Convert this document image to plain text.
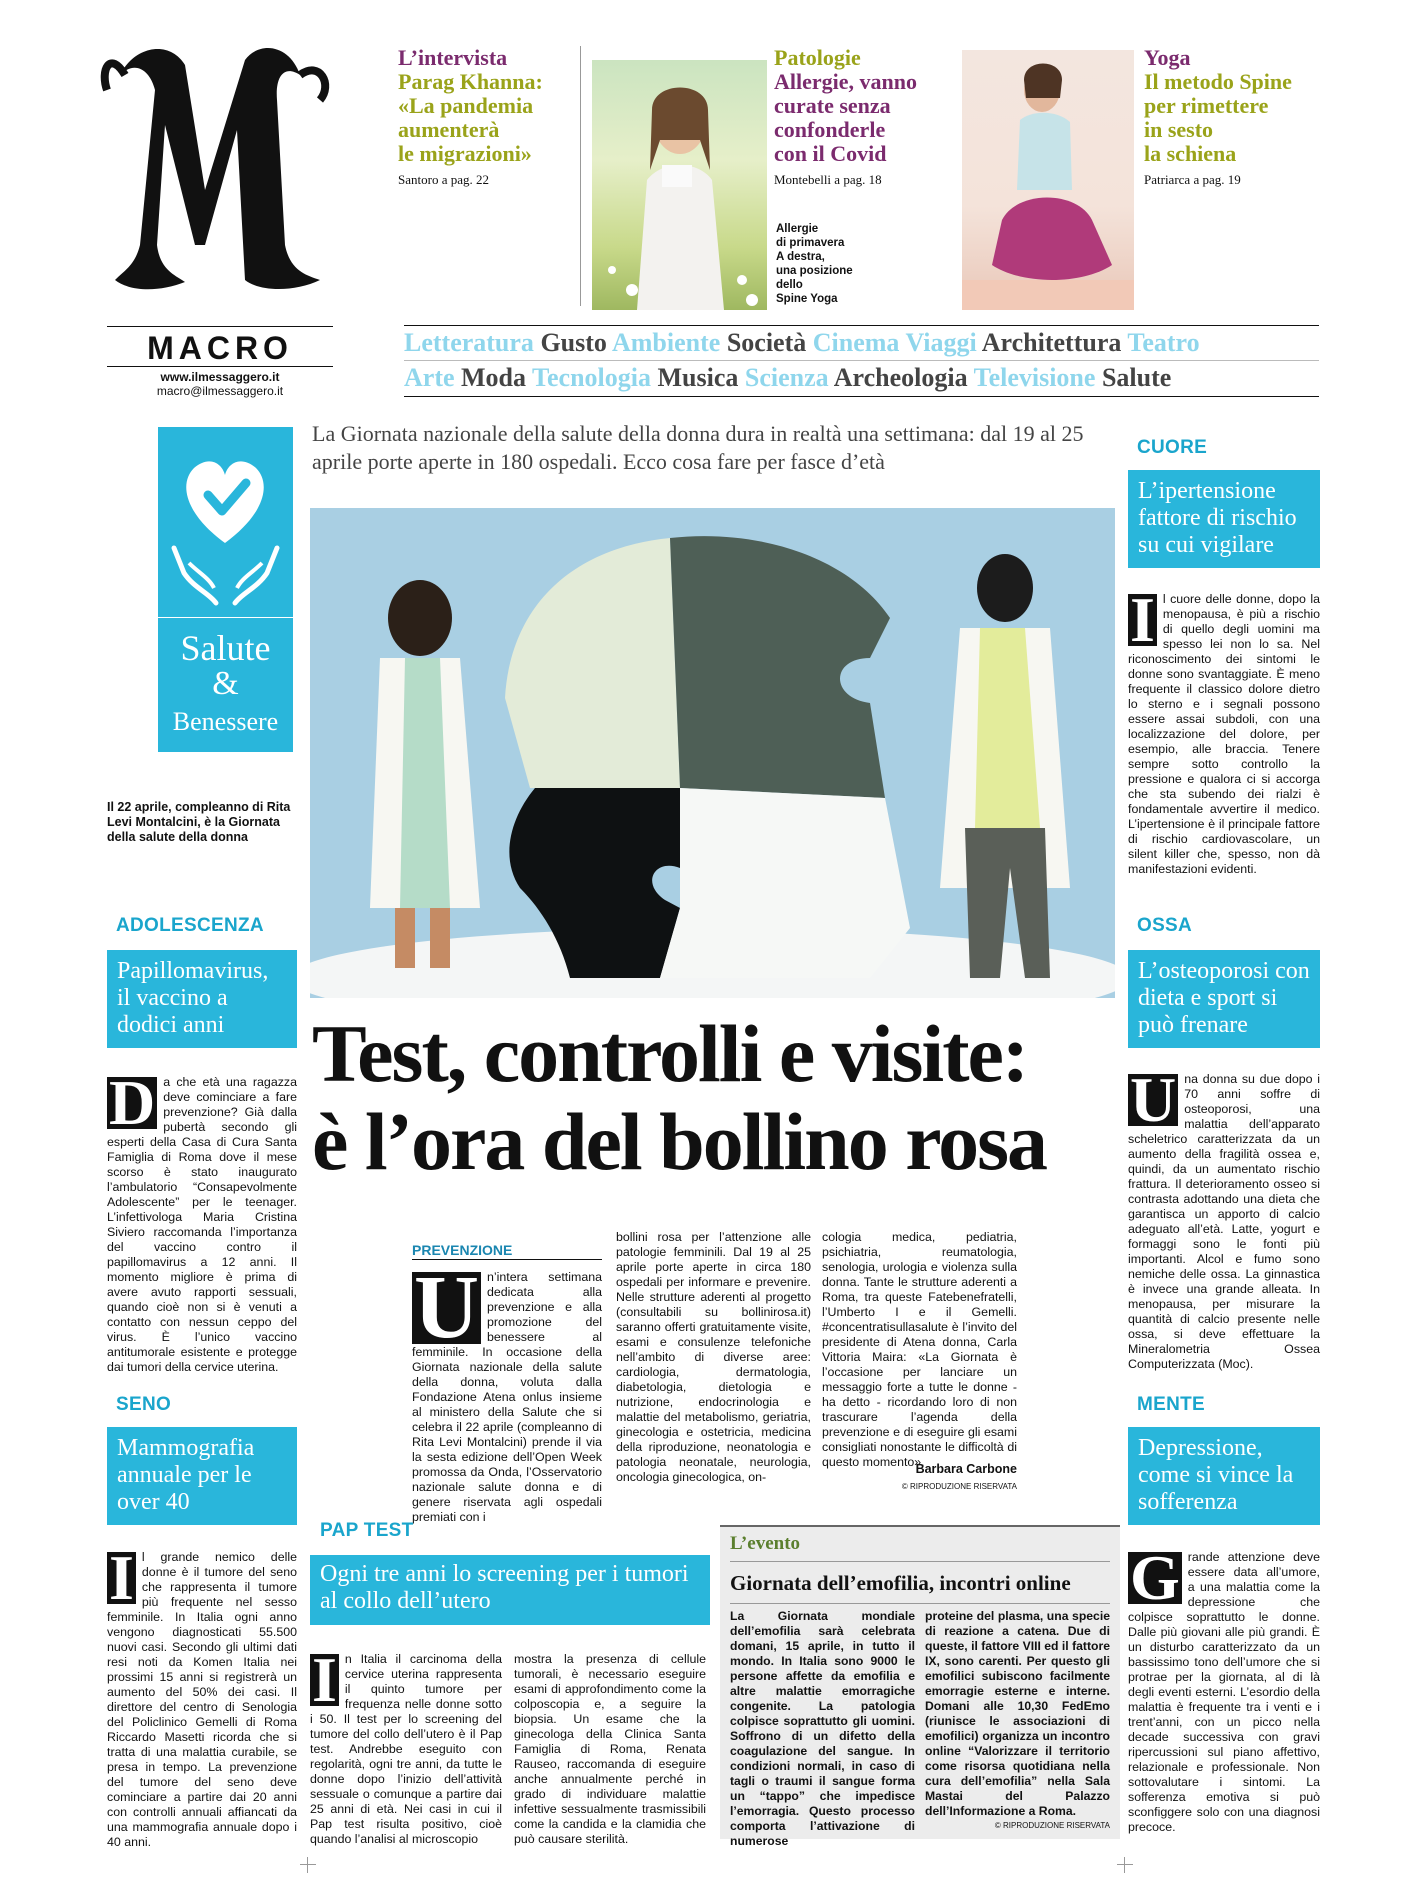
MACRO
www.ilmessaggero.it
macro@ilmessaggero.it
L’intervista
Parag Khanna:
«La pandemia
aumenterà
le migrazioni»
Santoro a pag. 22
Patologie
Allergie, vanno
curate senza
confonderle
con il Covid
Montebelli a pag. 18
Allergie
di primavera
A destra,
una posizione
dello
Spine Yoga
Yoga
Il metodo Spine
per rimettere
in sesto
la schiena
Patriarca a pag. 19
Letteratura Gusto Ambiente Società Cinema Viaggi Architettura Teatro
Arte Moda Tecnologia Musica Scienza Archeologia Televisione Salute
Salute
&
Benessere
Il 22 aprile, compleanno di Rita Levi Montalcini, è la Giornata della salute della donna
La Giornata nazionale della salute della donna dura in realtà una settimana: dal 19 al 25 aprile porte aperte in 180 ospedali. Ecco cosa fare per fasce d’età
Test, controlli e visite:
è l’ora del bollino rosa
ADOLESCENZA
Papillomavirus, il vaccino a dodici anni
D a che età una ragazza deve cominciare a fare prevenzione? Già dalla pubertà secondo gli esperti della Casa di Cura Santa Famiglia di Roma dove il mese scorso è stato inaugurato l’ambulatorio “Consapevolmente Adolescente” per le teenager. L’infettivologa Maria Cristina Siviero raccomanda l’importanza del vaccino contro il papillomavirus a 12 anni. Il momento migliore è prima di avere avuto rapporti sessuali, quando cioè non si è venuti a contatto con nessun ceppo del virus. È l’unico vaccino antitumorale esistente e protegge dai tumori della cervice uterina.
SENO
Mammografia annuale per le over 40
I l grande nemico delle donne è il tumore del seno che rappresenta il tumore più frequente nel sesso femminile. In Italia ogni anno vengono diagnosticati 55.500 nuovi casi. Secondo gli ultimi dati resi noti da Komen Italia nei prossimi 15 anni si registrerà un aumento del 50% dei casi. Il direttore del centro di Senologia del Policlinico Gemelli di Roma Riccardo Masetti ricorda che si tratta di una malattia curabile, se presa in tempo. La prevenzione del tumore del seno deve cominciare a partire dai 20 anni con controlli annuali affiancati da una mammografia annuale dopo i 40 anni.
CUORE
L’ipertensione fattore di rischio su cui vigilare
I l cuore delle donne, dopo la menopausa, è più a rischio di quello degli uomini ma spesso lei non lo sa. Nel riconoscimento dei sintomi le donne sono svantaggiate. È meno frequente il classico dolore dietro lo sterno e i segnali possono essere assai subdoli, con una localizzazione del dolore, per esempio, alle braccia. Tenere sempre sotto controllo la pressione e qualora ci si accorga che sta subendo dei rialzi è fondamentale avvertire il medico. L’ipertensione è il principale fattore di rischio cardiovascolare, un silent killer che, spesso, non dà manifestazioni evidenti.
OSSA
L’osteoporosi con dieta e sport si può frenare
U na donna su due dopo i 70 anni soffre di osteoporosi, una malattia dell’apparato scheletrico caratterizzata da un aumento della fragilità ossea e, quindi, da un aumentato rischio frattura. Il deterioramento osseo si contrasta adottando una dieta che garantisca un apporto di calcio adeguato all’età. Latte, yogurt e formaggi sono le fonti più importanti. Alcol e fumo sono nemiche delle ossa. La ginnastica è invece una grande alleata. In menopausa, per misurare la quantità di calcio presente nelle ossa, si deve effettuare la Mineralometria Ossea Computerizzata (Moc).
MENTE
Depressione, come si vince la sofferenza
G rande attenzione deve essere data all’umore, a una malattia come la depressione che colpisce soprattutto le donne. Dalle più giovani alle più grandi. È un disturbo caratterizzato da un bassissimo tono dell’umore che si protrae per la giornata, al di là degli eventi esterni. L’esordio della malattia è frequente tra i venti e i trent’anni, con un picco nella decade successiva con gravi ripercussioni sul piano affettivo, relazionale e professionale. Non sottovalutare i sintomi. La sofferenza emotiva si può sconfiggere solo con una diagnosi precoce.
PREVENZIONE
U n’intera settimana dedicata alla prevenzione e alla promozione del benessere al femminile. In occasione della Giornata nazionale della salute della donna, voluta dalla Fondazione Atena onlus insieme al ministero della Salute che si celebra il 22 aprile (compleanno di Rita Levi Montalcini) prende il via la sesta edizione dell’Open Week promossa da Onda, l’Osservatorio nazionale salute donna e di genere riservata agli ospedali premiati con i
bollini rosa per l’attenzione alle patologie femminili. Dal 19 al 25 aprile porte aperte in circa 180 ospedali per informare e prevenire. Nelle strutture aderenti al progetto (consultabili su bollinirosa.it) saranno offerti gratuitamente visite, esami e consulenze telefoniche nell’ambito di diverse aree: cardiologia, dermatologia, diabetologia, dietologia e nutrizione, endocrinologia e malattie del metabolismo, geriatria, ginecologia e ostetricia, medicina della riproduzione, neonatologia e patologia neonatale, neurologia, oncologia ginecologica, on-
cologia medica, pediatria, psichiatria, reumatologia, senologia, urologia e violenza sulla donna. Tante le strutture aderenti a Roma, tra queste Fatebenefratelli, l’Umberto I e il Gemelli. #concentratisullasalute è l’invito del presidente di Atena donna, Carla Vittoria Maira: «La Giornata è l’occasione per lanciare un messaggio forte a tutte le donne - ha detto - ricordando loro di non trascurare l’agenda della prevenzione e di eseguire gli esami consigliati nonostante le difficoltà di questo momento».
Barbara Carbone
© RIPRODUZIONE RISERVATA
PAP TEST
Ogni tre anni lo screening per i tumori al collo dell’utero
I n Italia il carcinoma della cervice uterina rappresenta il quinto tumore per frequenza nelle donne sotto i 50. Il test per lo screening del tumore del collo dell’utero è il Pap test. Andrebbe eseguito con regolarità, ogni tre anni, da tutte le donne dopo l’inizio dell’attività sessuale o comunque a partire dai 25 anni di età. Nei casi in cui il Pap test risulta positivo, cioè quando l’analisi al microscopio
mostra la presenza di cellule tumorali, è necessario eseguire esami di approfondimento come la colposcopia e, a seguire la biopsia. Un esame che la ginecologa della Clinica Santa Famiglia di Roma, Renata Rauseo, raccomanda di eseguire anche annualmente perché in grado di individuare malattie infettive sessualmente trasmissibili come la candida e la clamidia che può causare sterilità.
L’evento
Giornata dell’emofilia, incontri online
La Giornata mondiale dell’emofilia sarà celebrata domani, 15 aprile, in tutto il mondo. In Italia sono 9000 le persone affette da emofilia e altre malattie emorragiche congenite. La patologia colpisce soprattutto gli uomini. Soffrono di un difetto della coagulazione del sangue. In condizioni normali, in caso di tagli o traumi il sangue forma un “tappo” che impedisce l’emorragia. Questo processo comporta l’attivazione di numerose
proteine del plasma, una specie di reazione a catena. Due di queste, il fattore VIII ed il fattore IX, sono carenti. Per questo gli emofilici subiscono facilmente emorragie esterne e interne. Domani alle 10,30 FedEmo (riunisce le associazioni di emofilici) organizza un incontro online “Valorizzare il territorio come risorsa quotidiana nella cura dell’emofilia” nella Sala Mastai del Palazzo dell’Informazione a Roma.
© RIPRODUZIONE RISERVATA
